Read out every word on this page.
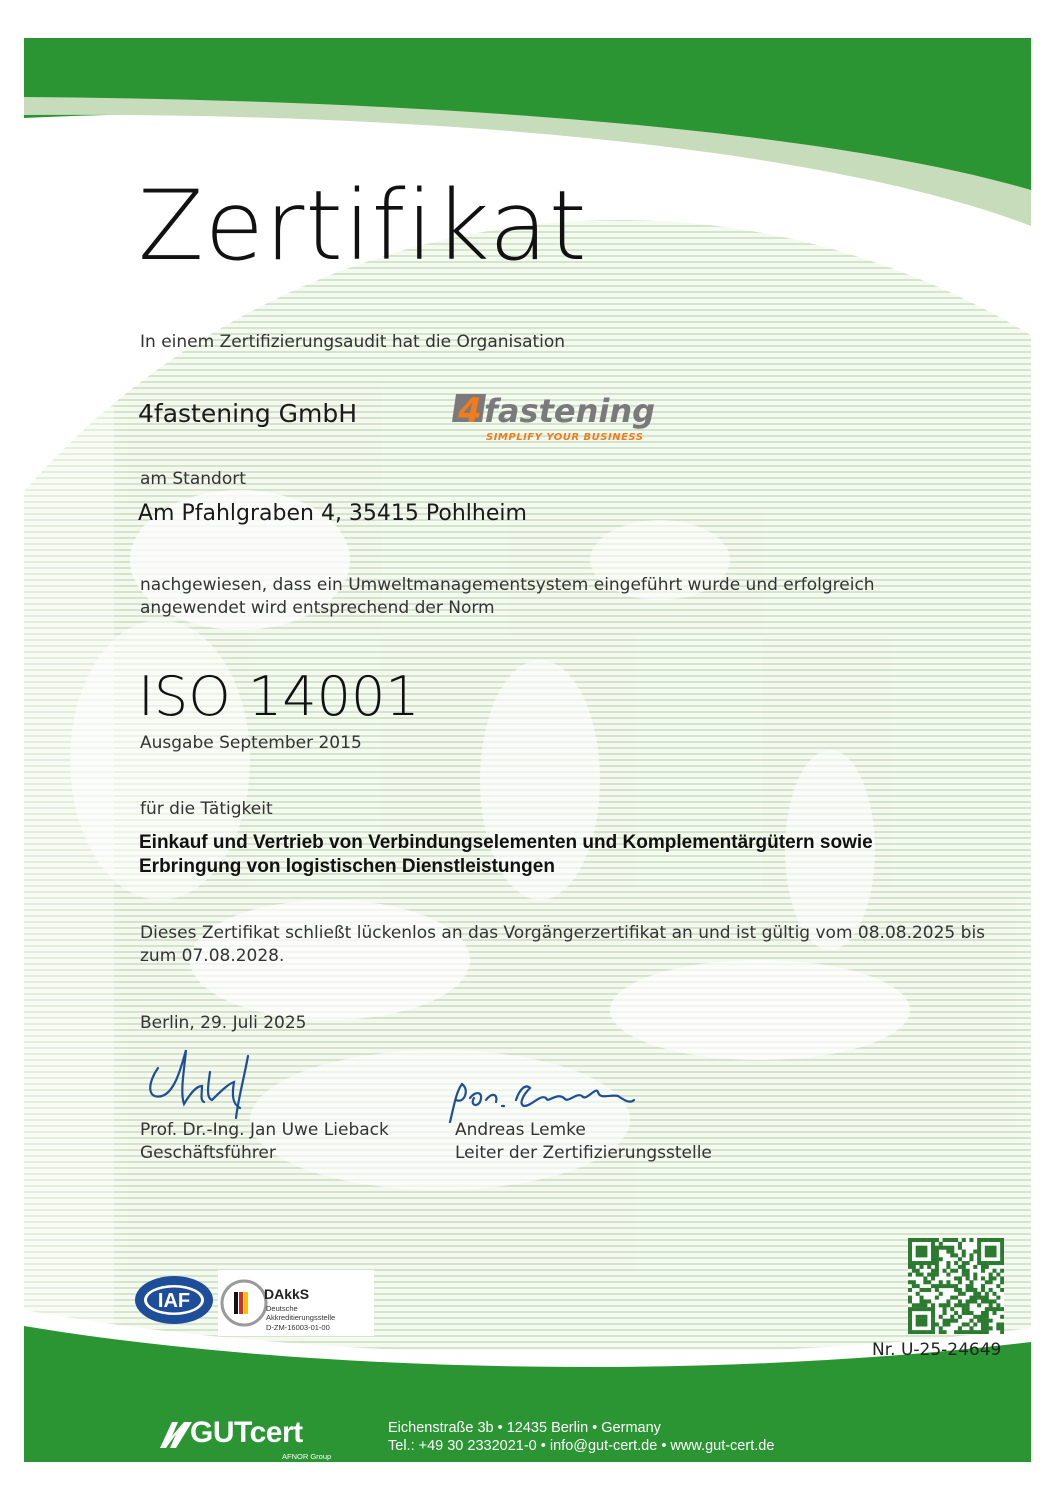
Zertifikat

In einem Zertifizierungsaudit hat die Organisation

4fastening GmbH	4 fastening
SIMPLIFY YOUR BUSINESS

am Standort

Am Pfahlgraben 4, 35415 Pohlheim

nachgewiesen, dass ein Umweltmanagementsystem eingeführt wurde und erfolgreich

angewendet wird entsprechend der Norm

ISO 14001

Ausgabe September 2015

für die Tätigkeit

Einkauf und Vertrieb von Verbindungselementen und Komplementärgütern sowie

Erbringung von logistischen Dienstleistungen

Dieses Zertifikat schließt lückenlos an das Vorgängerzertifikat an und ist gültig vom 08.08.2025 bis

zum 07.08.2028.

Berlin, 29. Juli 2025

Prof. Dr.-Ing. Jan Uwe Lieback

Geschäftsführer

Andreas Lemke

Leiter der Zertifizierungsstelle

IAF	DAkkS
Deutsche
Akkreditierungsstelle
D-ZM-16003-01-00

Nr. U-25-24649

GUTcert
AFNOR Group

Eichenstraße 3b • 12435 Berlin • Germany

Tel.: +49 30 2332021-0 • info@gut-cert.de • www.gut-cert.de
